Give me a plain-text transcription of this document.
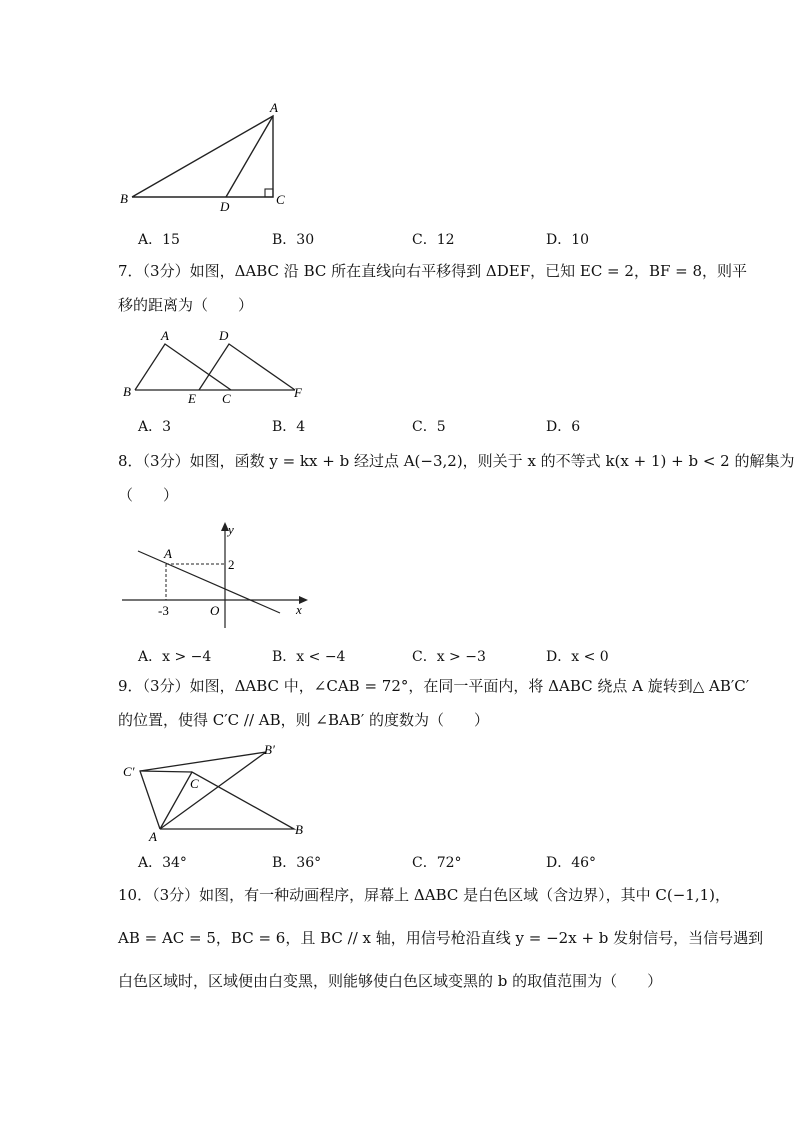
A
B	C
D
A．15	B．30	C．12	D．10
7．（3分）如图，ΔABC 沿 BC 所在直线向右平移得到 ΔDEF，已知 EC = 2，BF = 8，则平
移的距离为（　　）
A	D
B	E C	F
A．3	B．4	C．5	D．6
8．（3分）如图，函数 y = kx + b 经过点 A(−3,2)，则关于 x 的不等式 k(x + 1) + b < 2 的解集为
（　　）
y
x
O
A
2
-3
A．x > −4	B．x < −4	C．x > −3	D．x < 0
9．（3分）如图，ΔABC 中，∠CAB = 72°，在同一平面内，将 ΔABC 绕点 A 旋转到△ AB′C′
的位置，使得 C′C // AB，则 ∠BAB′ 的度数为（　　）
A	B
C
B′
C′
A．34°	B．36°	C．72°	D．46°
10．（3分）如图，有一种动画程序，屏幕上 ΔABC 是白色区域（含边界），其中 C(−1,1)，
AB = AC = 5，BC = 6，且 BC // x 轴，用信号枪沿直线 y = −2x + b 发射信号，当信号遇到
白色区域时，区域便由白变黑，则能够使白色区域变黑的 b 的取值范围为（　　）
